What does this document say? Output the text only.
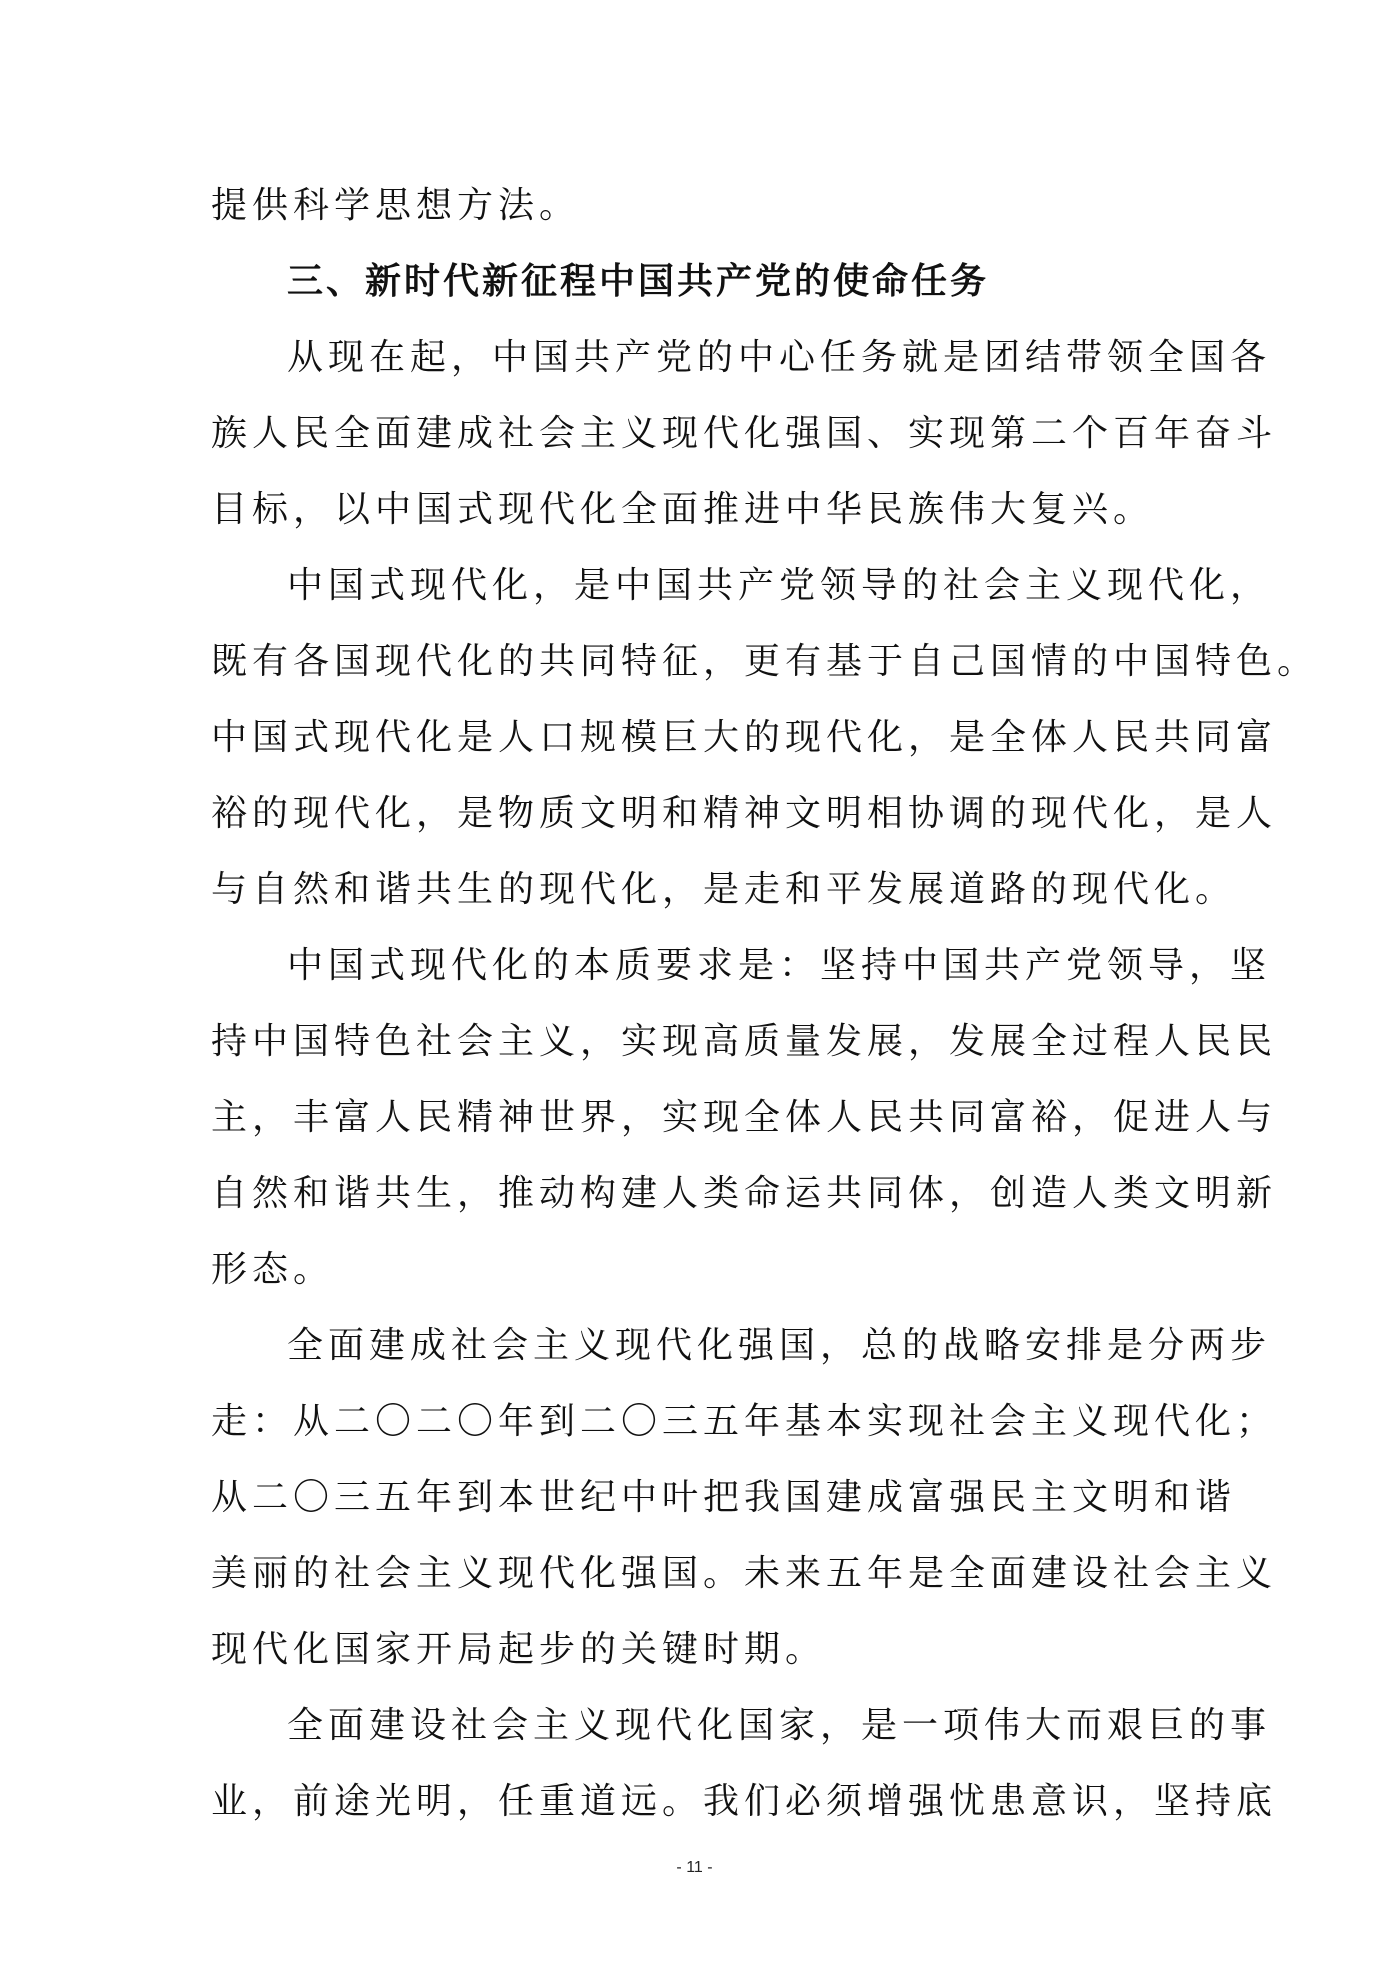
提供科学思想方法。
三、新时代新征程中国共产党的使命任务
从现在起，中国共产党的中心任务就是团结带领全国各
族人民全面建成社会主义现代化强国、实现第二个百年奋斗
目标，以中国式现代化全面推进中华民族伟大复兴。
中国式现代化，是中国共产党领导的社会主义现代化，
既有各国现代化的共同特征，更有基于自己国情的中国特色。
中国式现代化是人口规模巨大的现代化，是全体人民共同富
裕的现代化，是物质文明和精神文明相协调的现代化，是人
与自然和谐共生的现代化，是走和平发展道路的现代化。
中国式现代化的本质要求是：坚持中国共产党领导，坚
持中国特色社会主义，实现高质量发展，发展全过程人民民
主，丰富人民精神世界，实现全体人民共同富裕，促进人与
自然和谐共生，推动构建人类命运共同体，创造人类文明新
形态。
全面建成社会主义现代化强国，总的战略安排是分两步
走：从二〇二〇年到二〇三五年基本实现社会主义现代化；
从二〇三五年到本世纪中叶把我国建成富强民主文明和谐
美丽的社会主义现代化强国。未来五年是全面建设社会主义
现代化国家开局起步的关键时期。
全面建设社会主义现代化国家，是一项伟大而艰巨的事
业，前途光明，任重道远。我们必须增强忧患意识，坚持底
- 11 -
